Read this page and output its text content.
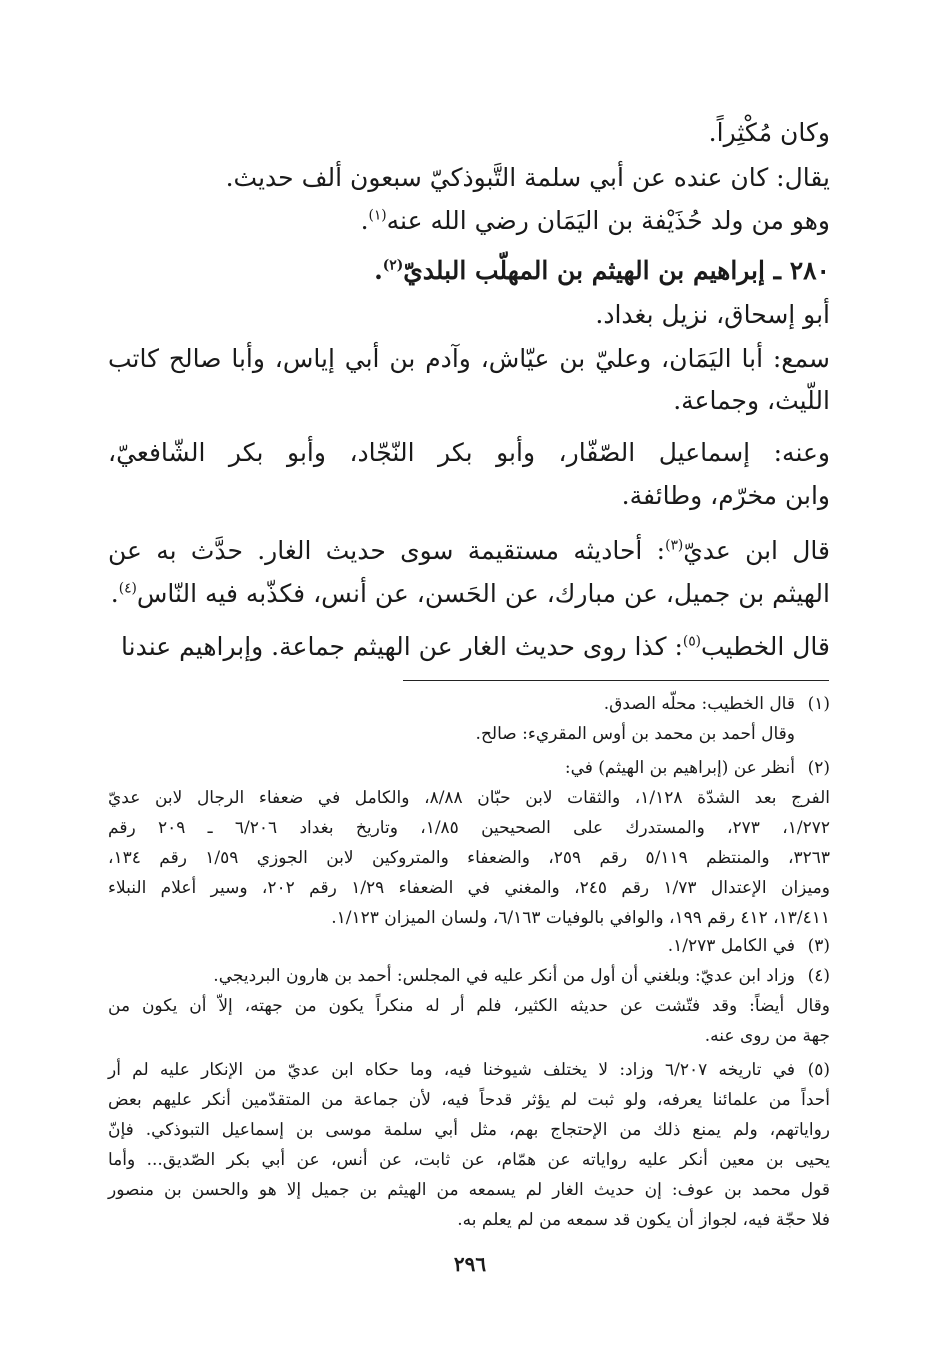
وكان مُكْثِراً.
يقال: كان عنده عن أبي سلمة التَّبوذكيّ سبعون ألف حديث.
وهو من ولد حُذَيْفة بن اليَمَان رضي الله عنه$^{(١)}$.
٢٨٠ ـ إبراهيم بن الهيثم بن المهلّب البلديّ$^{(٢)}$.
أبو إسحاق، نزيل بغداد.
سمع: أبا اليَمَان، وعليّ بن عيّاش، وآدم بن أبي إياس، وأبا صالح كاتب
اللّيث، وجماعة.
وعنه: إسماعيل الصّفّار، وأبو بكر النّجّاد، وأبو بكر الشّافعيّ،
وابن مخرّم، وطائفة.
قال ابن عديّ$^{(٣)}$: أحاديثه مستقيمة سوى حديث الغار. حدَّث به عن
الهيثم بن جميل، عن مبارك، عن الحَسن، عن أنس، فكذّبه فيه النّاس$^{(٤)}$.
قال الخطيب$^{(٥)}$: كذا روى حديث الغار عن الهيثم جماعة. وإبراهيم عندنا
(١)
قال الخطيب: محلّه الصدق.
وقال أحمد بن محمد بن أوس المقريء: صالح.
(٢)
أنظر عن (إبراهيم بن الهيثم) في:
الفرج بعد الشدّة ١/١٢٨، والثقات لابن حبّان ٨/٨٨، والكامل في ضعفاء الرجال لابن عديّ
١/٢٧٢، ٢٧٣، والمستدرك على الصحيحين ١/٨٥، وتاريخ بغداد ٦/٢٠٦ ـ ٢٠٩ رقم
٣٢٦٣، والمنتظم ٥/١١٩ رقم ٢٥٩، والضعفاء والمتروكين لابن الجوزي ١/٥٩ رقم ١٣٤،
وميزان الإعتدال ١/٧٣ رقم ٢٤٥، والمغني في الضعفاء ١/٢٩ رقم ٢٠٢، وسير أعلام النبلاء
١٣/٤١١، ٤١٢ رقم ١٩٩، والوافي بالوفيات ٦/١٦٣، ولسان الميزان ١/١٢٣.
(٣)
في الكامل ١/٢٧٣.
(٤)
وزاد ابن عديّ: وبلغني أن أول من أنكر عليه في المجلس: أحمد بن هارون البرديجي.
وقال أيضاً: وقد فتّشت عن حديثه الكثير، فلم أر له منكراً يكون من جهته، إلاّ أن يكون من
جهة من روى عنه.
(٥)
في تاريخه ٦/٢٠٧ وزاد: لا يختلف شيوخنا فيه، وما حكاه ابن عديّ من الإنكار عليه لم أر
أحداً من علمائنا يعرفه، ولو ثبت لم يؤثر قدحاً فيه، لأن جماعة من المتقدّمين أنكر عليهم بعض
رواياتهم، ولم يمنع ذلك من الإحتجاج بهم، مثل أبي سلمة موسى بن إسماعيل التبوذكي. فإنّ
يحيى بن معين أنكر عليه رواياته عن همّام، عن ثابت، عن أنس، عن أبي بكر الصّديق... وأما
قول محمد بن عوف: إن حديث الغار لم يسمعه من الهيثم بن جميل إلا هو والحسن بن منصور
فلا حجّة فيه، لجواز أن يكون قد سمعه من لم يعلم به.
٢٩٦
